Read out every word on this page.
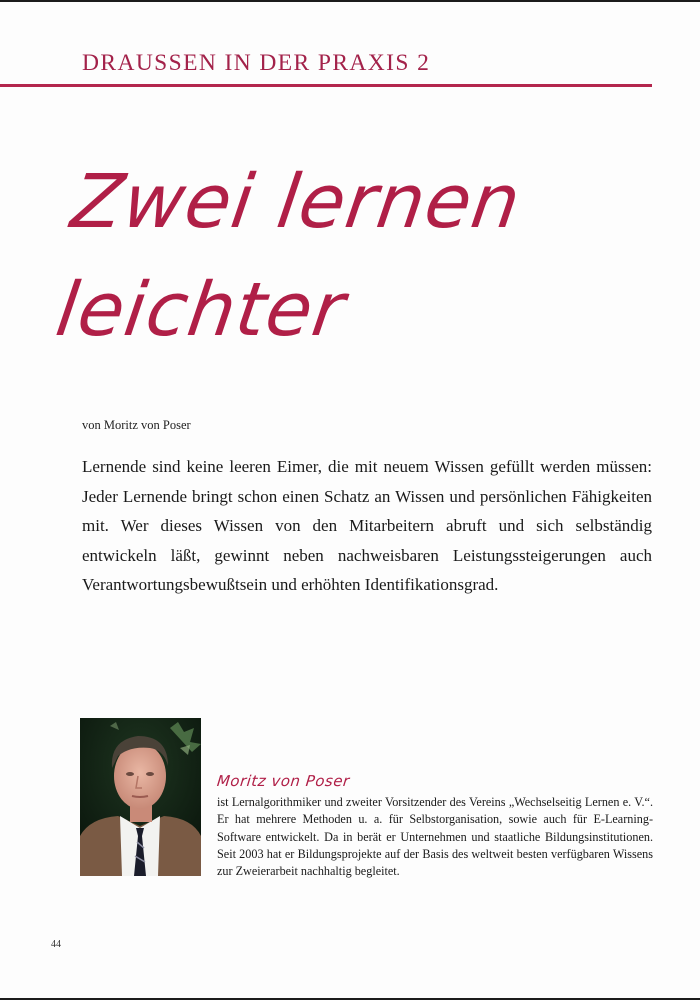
DRAUSSEN IN DER PRAXIS 2
Zwei lernen
leichter
von Moritz von Poser

Lernende sind keine leeren Eimer, die mit neuem Wissen gefüllt werden müssen: Jeder Lernende bringt schon einen Schatz an Wissen und persönlichen Fähigkeiten mit. Wer dieses Wissen von den Mitarbeitern abruft und sich selbständig entwickeln läßt, gewinnt neben nachweisbaren Leistungssteigerungen auch Verantwortungsbewußtsein und erhöhten Identifikationsgrad.

Moritz von Poser
ist Lernalgorithmiker und zweiter Vorsitzender des Vereins „Wechselseitig Lernen e. V.“. Er hat mehrere Methoden u. a. für Selbstorganisation, sowie auch für E-Learning-Software entwickelt. Da in berät er Unternehmen und staatliche Bildungsinstitutionen. Seit 2003 hat er Bildungsprojekte auf der Basis des weltweit besten verfügbaren Wissens zur Zweierarbeit nachhaltig begleitet.
44
